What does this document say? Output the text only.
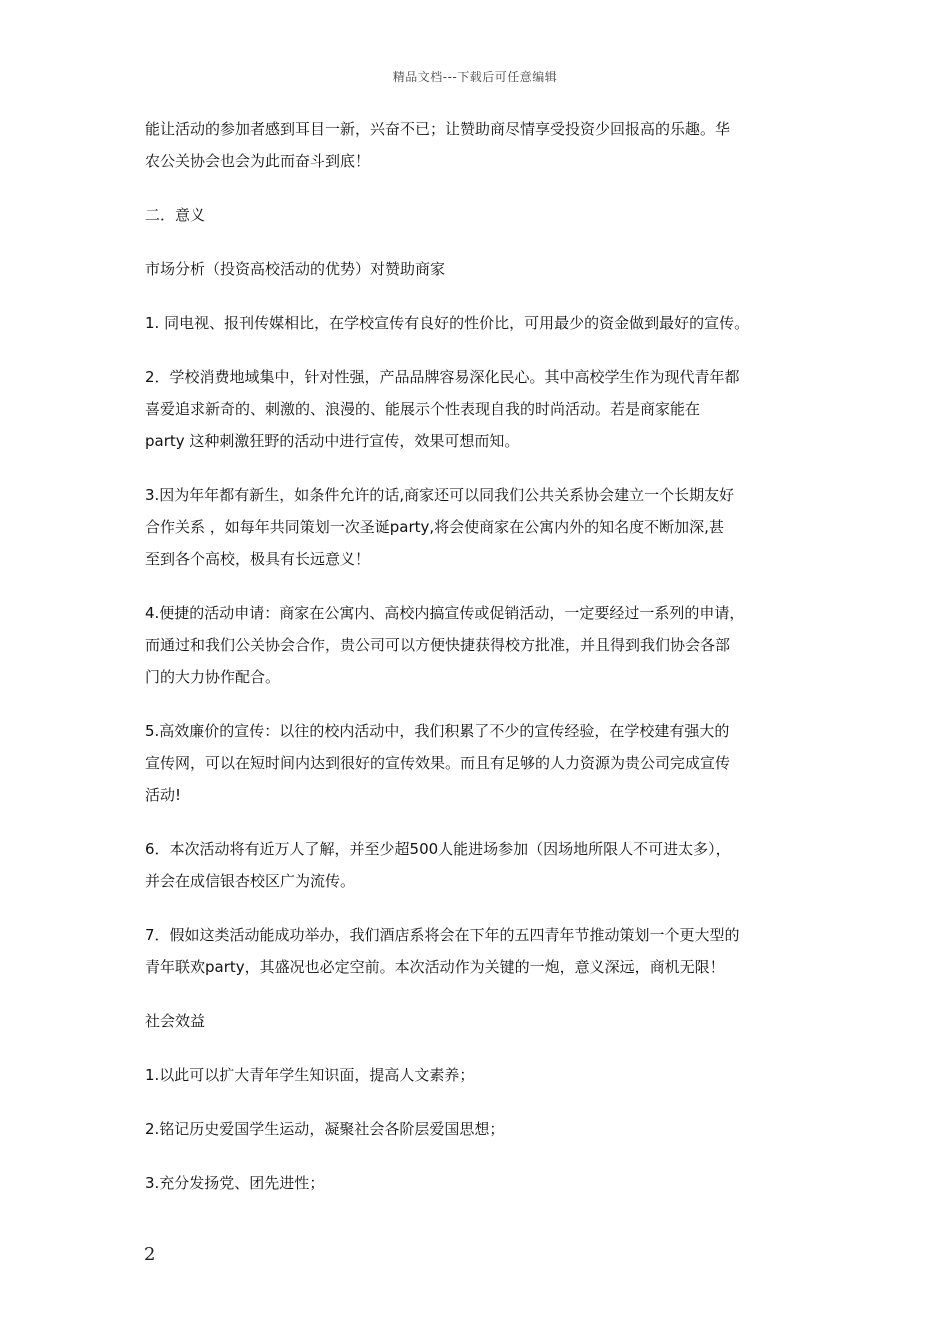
精品文档---下载后可任意编辑

能让活动的参加者感到耳目一新，兴奋不已；让赞助商尽情享受投资少回报高的乐趣。华
农公关协会也会为此而奋斗到底！

二．意义

市场分析（投资高校活动的优势）对赞助商家

1. 同电视、报刊传媒相比，在学校宣传有良好的性价比，可用最少的资金做到最好的宣传。

2．学校消费地域集中，针对性强，产品品牌容易深化民心。其中高校学生作为现代青年都
喜爱追求新奇的、刺激的、浪漫的、能展示个性表现自我的时尚活动。若是商家能在
party 这种刺激狂野的活动中进行宣传，效果可想而知。

3.因为年年都有新生，如条件允许的话,商家还可以同我们公共关系协会建立一个长期友好
合作关系 ，如每年共同策划一次圣诞party,将会使商家在公寓内外的知名度不断加深,甚
至到各个高校，极具有长远意义！

4.便捷的活动申请：商家在公寓内、高校内搞宣传或促销活动，一定要经过一系列的申请，
而通过和我们公关协会合作，贵公司可以方便快捷获得校方批准，并且得到我们协会各部
门的大力协作配合。

5.高效廉价的宣传：以往的校内活动中，我们积累了不少的宣传经验，在学校建有强大的
宣传网，可以在短时间内达到很好的宣传效果。而且有足够的人力资源为贵公司完成宣传
活动!

6．本次活动将有近万人了解，并至少超500人能进场参加（因场地所限人不可进太多），
并会在成信银杏校区广为流传。

7．假如这类活动能成功举办，我们酒店系将会在下年的五四青年节推动策划一个更大型的
青年联欢party，其盛况也必定空前。本次活动作为关键的一炮，意义深远，商机无限！

社会效益

1.以此可以扩大青年学生知识面，提高人文素养；

2.铭记历史爱国学生运动，凝聚社会各阶层爱国思想；

3.充分发扬党、团先进性；

2
